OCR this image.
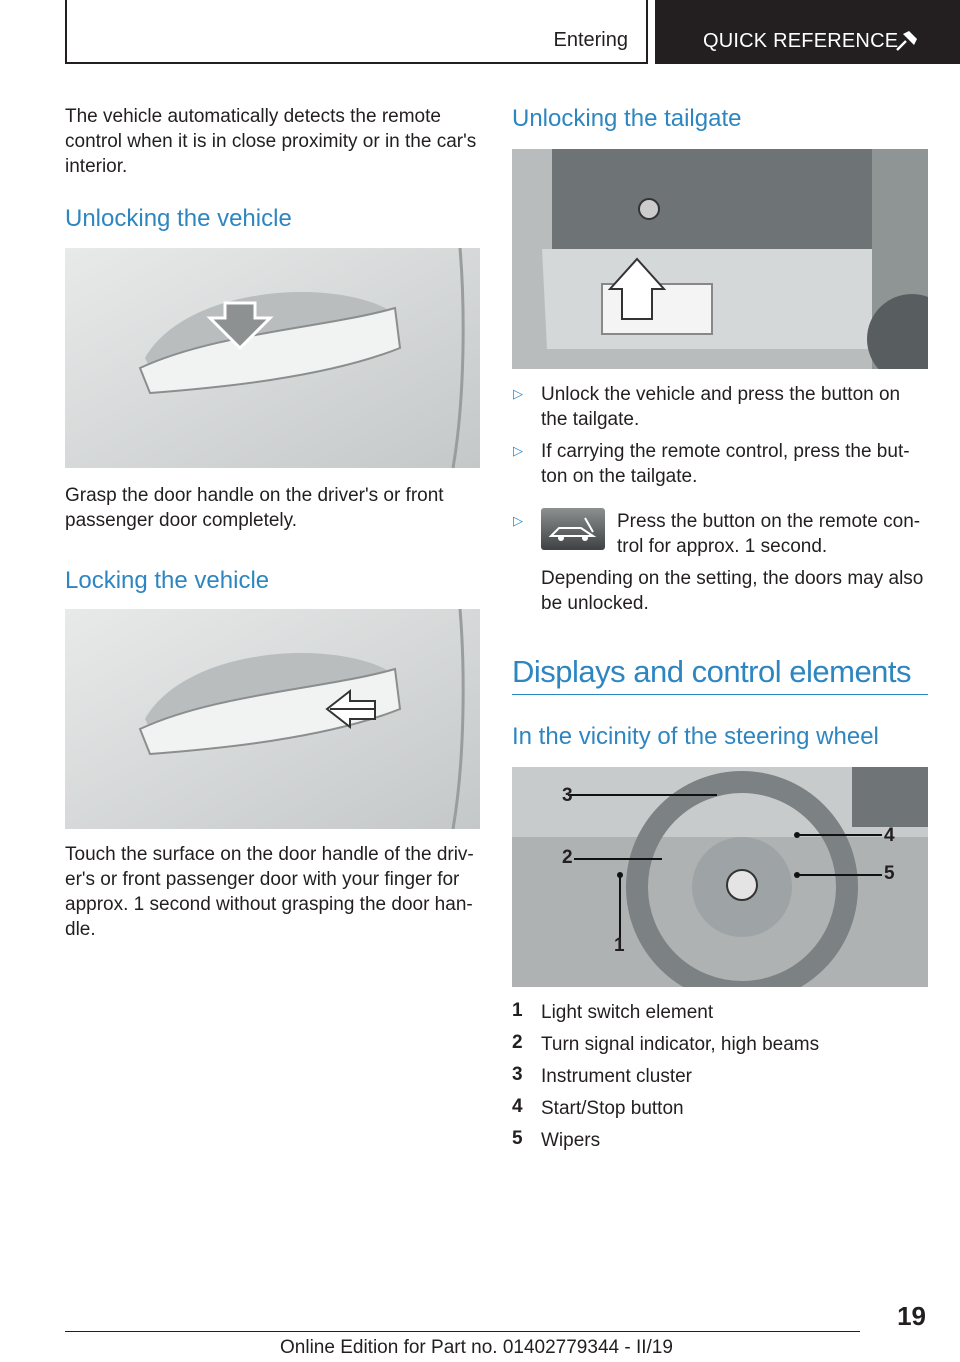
Entering	QUICK REFERENCE
The vehicle automatically detects the remote control when it is in close proximity or in the car's interior.
Unlocking the vehicle
Grasp the door handle on the driver's or front passenger door completely.
Locking the vehicle
Touch the surface on the door handle of the driv-er's or front passenger door with your finger for approx. 1 second without grasping the door han-dle.
Unlocking the tailgate
▷ Unlock the vehicle and press the button on the tailgate.
▷ If carrying the remote control, press the but-ton on the tailgate.
▷	Press the button on the remote con-trol for approx. 1 second.
Depending on the setting, the doors may also be unlocked.
Displays and control elements
In the vicinity of the steering wheel
3
4
2
5
1
1 Light switch element
2 Turn signal indicator, high beams
3 Instrument cluster
4 Start/Stop button
5 Wipers
19
Online Edition for Part no. 01402779344 - II/19
